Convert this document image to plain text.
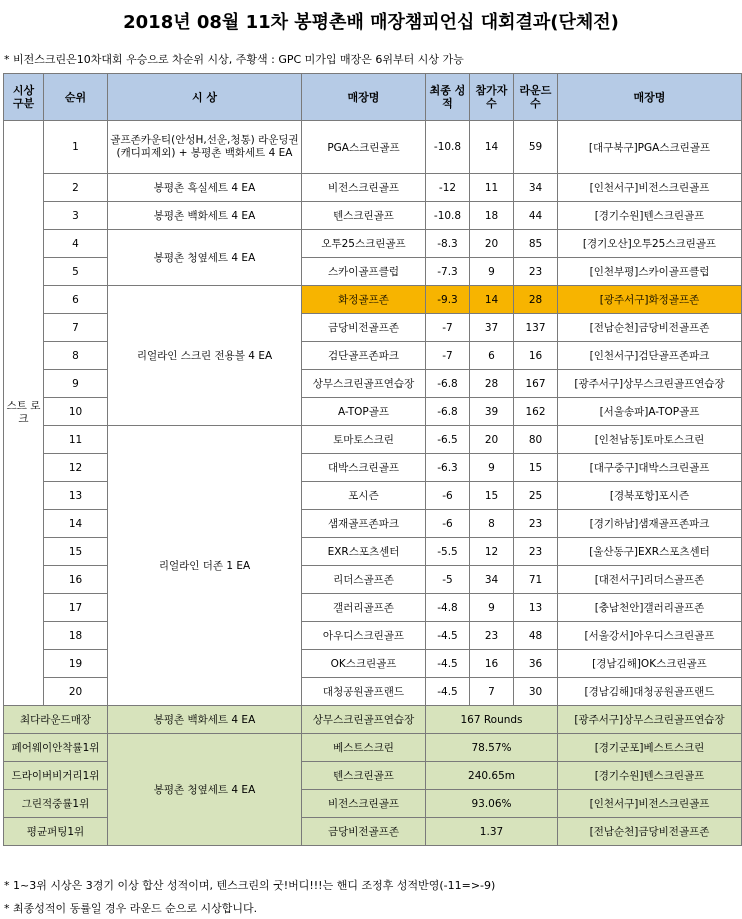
2018년 08월 11차 봉평촌배 매장챔피언십 대회결과(단체전)
* 비전스크린은10차대회 우승으로 차순위 시상, 주황색 : GPC 미가입 매장은 6위부터 시상 가능
시상 구분	순위	시 상	매장명	최종 성적	참가자 수	라운드 수	매장명
스트 로크	1	골프존카운티(안성H,선운,청통) 라운딩권(캐디피제외) + 봉평촌 백화세트 4 EA	PGA스크린골프	-10.8	14	59	[대구북구]PGA스크린골프
	2	봉평촌 흑실세트 4 EA	비전스크린골프	-12	11	34	[인천서구]비전스크린골프
	3	봉평촌 백화세트 4 EA	텐스크린골프	-10.8	18	44	[경기수원]텐스크린골프
	4	봉평촌 청옆세트 4 EA	오투25스크린골프	-8.3	20	85	[경기오산]오투25스크린골프
	5		스카이골프클럽	-7.3	9	23	[인천부평]스카이골프클럽
	6	리얼라인 스크린 전용볼 4 EA	화정골프존	-9.3	14	28	[광주서구]화정골프존
	7		금당비전골프존	-7	37	137	[전남순천]금당비전골프존
	8		검단골프존파크	-7	6	16	[인천서구]검단골프존파크
	9		상무스크린골프연습장	-6.8	28	167	[광주서구]상무스크린골프연습장
	10		A-TOP골프	-6.8	39	162	[서울송파]A-TOP골프
	11	리얼라인 더존 1 EA	토마토스크린	-6.5	20	80	[인천남동]토마토스크린
	12		대박스크린골프	-6.3	9	15	[대구중구]대박스크린골프
	13		포시즌	-6	15	25	[경북포항]포시즌
	14		샘재골프존파크	-6	8	23	[경기하남]샘재골프존파크
	15		EXR스포츠센터	-5.5	12	23	[울산동구]EXR스포츠센터
	16		리더스골프존	-5	34	71	[대전서구]리더스골프존
	17		갤러리골프존	-4.8	9	13	[충남천안]갤러리골프존
	18		아우디스크린골프	-4.5	23	48	[서울강서]아우디스크린골프
	19		OK스크린골프	-4.5	16	36	[경남김해]OK스크린골프
	20		대청공원골프랜드	-4.5	7	30	[경남김해]대청공원골프랜드
최다라운드매장		봉평촌 백화세트 4 EA	상무스크린골프연습장	167 Rounds			[광주서구]상무스크린골프연습장
페어웨이안착률1위		봉평촌 청옆세트 4 EA	베스트스크린	78.57%			[경기군포]베스트스크린
드라이버비거리1위			텐스크린골프	240.65m			[경기수원]텐스크린골프
그린적중률1위			비전스크린골프	93.06%			[인천서구]비전스크린골프
평균퍼팅1위			금당비전골프존	1.37			[전남순천]금당비전골프존
* 1~3위 시상은 3경기 이상 합산 성적이며, 텐스크린의 굿!버디!!!는 핸디 조정후 성적반영(-11=>-9)
* 최종성적이 동률일 경우 라운드 순으로 시상합니다.
